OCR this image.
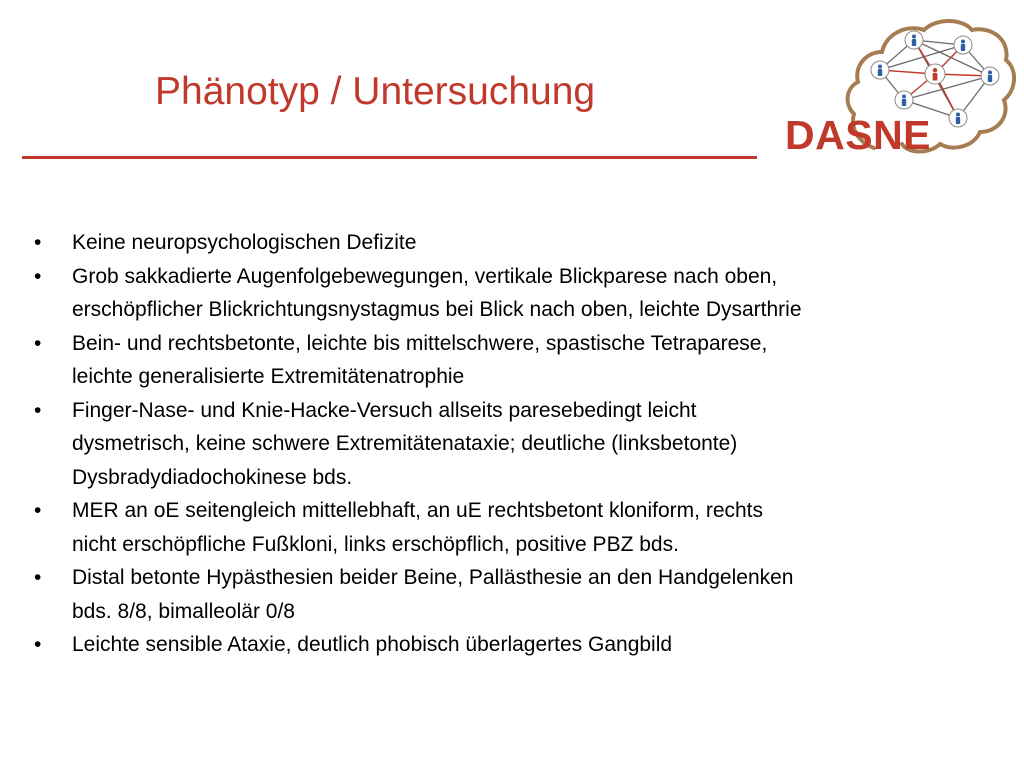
Phänotyp / Untersuchung
DASNE
•	Keine neuropsychologischen Defizite
•	Grob sakkadierte Augenfolgebewegungen, vertikale Blickparese nach oben,
erschöpflicher Blickrichtungsnystagmus bei Blick nach oben, leichte Dysarthrie
•	Bein- und rechtsbetonte, leichte bis mittelschwere, spastische Tetraparese,
leichte generalisierte Extremitätenatrophie
•	Finger-Nase- und Knie-Hacke-Versuch allseits paresebedingt leicht
dysmetrisch, keine schwere Extremitätenataxie; deutliche (linksbetonte)
Dysbradydiadochokinese bds.
•	MER an oE seitengleich mittellebhaft, an uE rechtsbetont kloniform, rechts
nicht erschöpfliche Fußkloni, links erschöpflich, positive PBZ bds.
•	Distal betonte Hypästhesien beider Beine, Pallästhesie an den Handgelenken
bds. 8/8, bimalleolär 0/8
•	Leichte sensible Ataxie, deutlich phobisch überlagertes Gangbild
